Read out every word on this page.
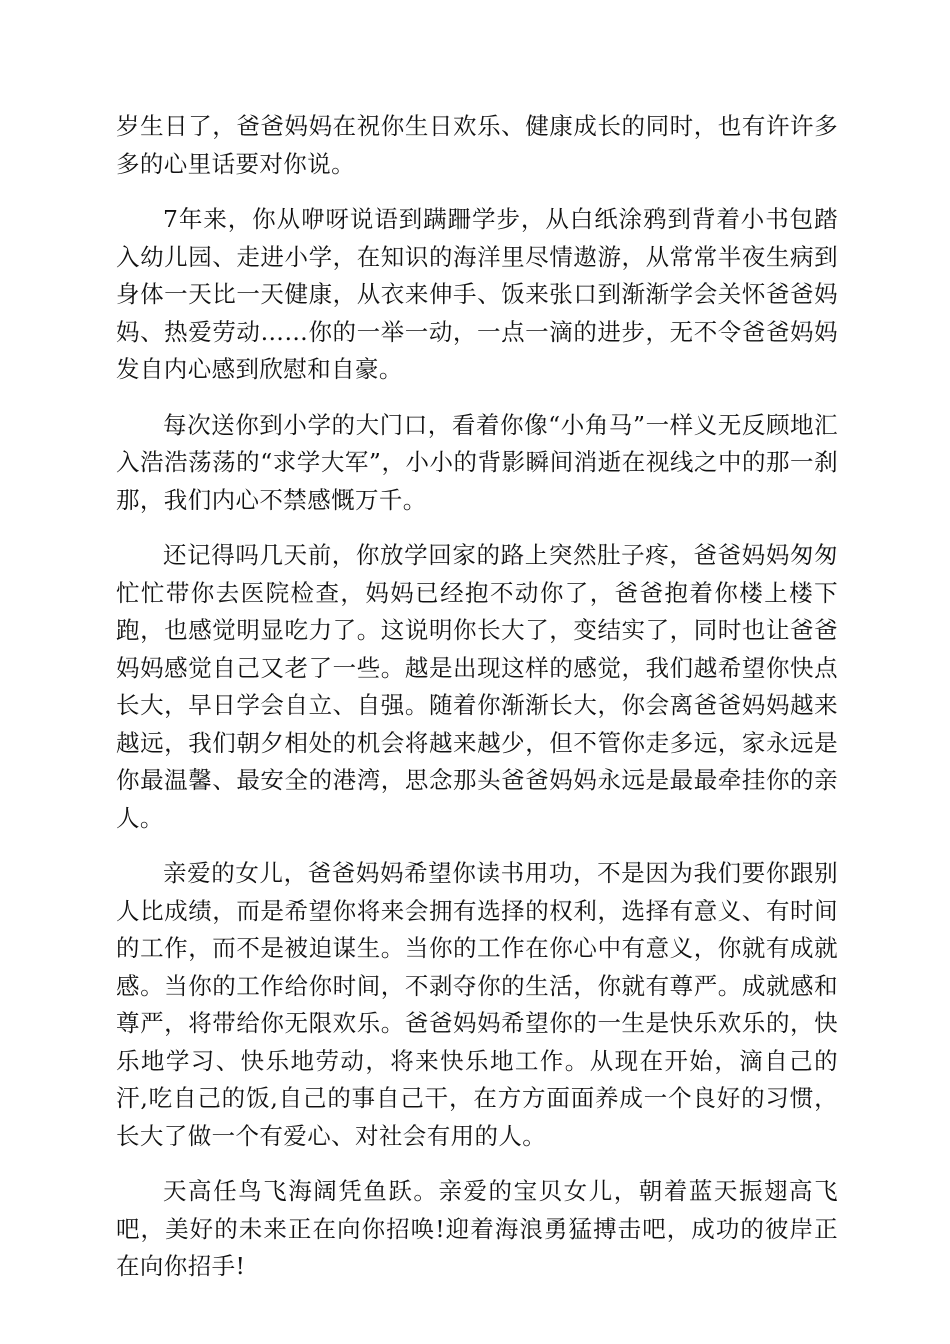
岁生日了，爸爸妈妈在祝你生日欢乐、健康成长的同时，也有许许多多的心里话要对你说。

7年来，你从咿呀说语到蹒跚学步，从白纸涂鸦到背着小书包踏入幼儿园、走进小学，在知识的海洋里尽情遨游，从常常半夜生病到身体一天比一天健康，从衣来伸手、饭来张口到渐渐学会关怀爸爸妈妈、热爱劳动……你的一举一动，一点一滴的进步，无不令爸爸妈妈发自内心感到欣慰和自豪。

每次送你到小学的大门口，看着你像“小角马”一样义无反顾地汇入浩浩荡荡的“求学大军”，小小的背影瞬间消逝在视线之中的那一刹那，我们内心不禁感慨万千。

还记得吗几天前，你放学回家的路上突然肚子疼，爸爸妈妈匆匆忙忙带你去医院检查，妈妈已经抱不动你了，爸爸抱着你楼上楼下跑，也感觉明显吃力了。这说明你长大了，变结实了，同时也让爸爸妈妈感觉自己又老了一些。越是出现这样的感觉，我们越希望你快点长大，早日学会自立、自强。随着你渐渐长大，你会离爸爸妈妈越来越远，我们朝夕相处的机会将越来越少，但不管你走多远，家永远是你最温馨、最安全的港湾，思念那头爸爸妈妈永远是最最牵挂你的亲人。

亲爱的女儿，爸爸妈妈希望你读书用功，不是因为我们要你跟别人比成绩，而是希望你将来会拥有选择的权利，选择有意义、有时间的工作，而不是被迫谋生。当你的工作在你心中有意义，你就有成就感。当你的工作给你时间，不剥夺你的生活，你就有尊严。成就感和尊严，将带给你无限欢乐。爸爸妈妈希望你的一生是快乐欢乐的，快乐地学习、快乐地劳动，将来快乐地工作。从现在开始，滴自己的汗,吃自己的饭,自己的事自己干，在方方面面养成一个良好的习惯，长大了做一个有爱心、对社会有用的人。

天高任鸟飞海阔凭鱼跃。亲爱的宝贝女儿，朝着蓝天振翅高飞吧，美好的未来正在向你招唤!迎着海浪勇猛搏击吧，成功的彼岸正在向你招手!
